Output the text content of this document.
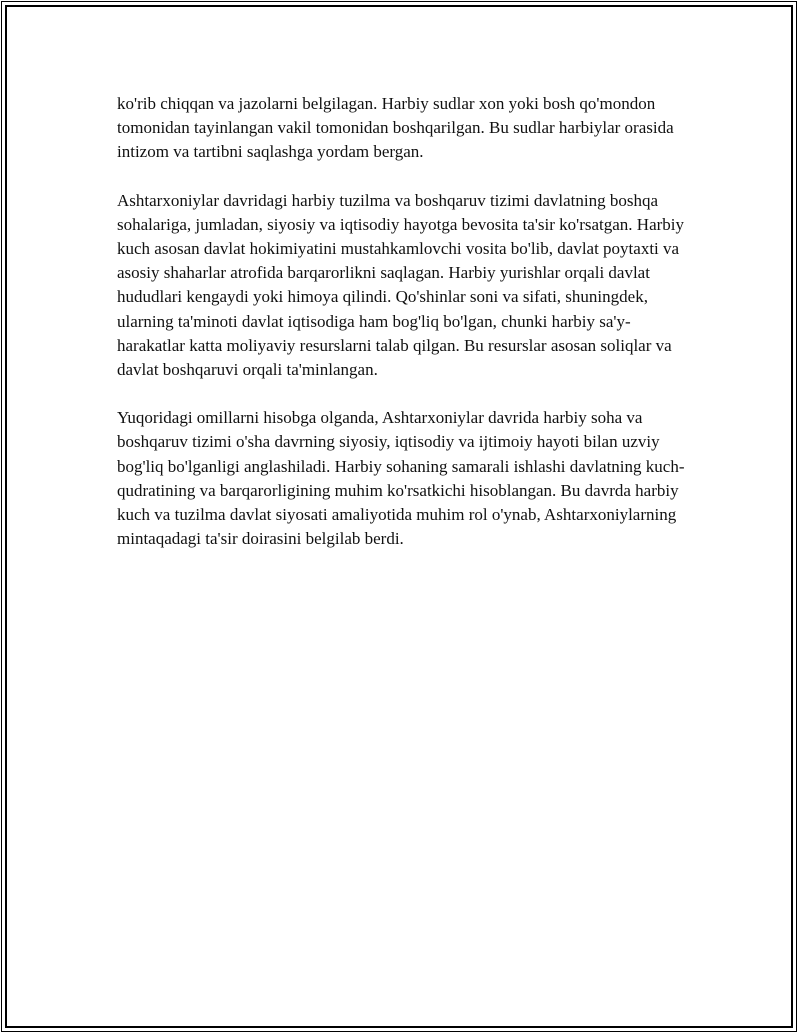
ko'rib chiqqan va jazolarni belgilagan. Harbiy sudlar xon yoki bosh qo'mondon tomonidan tayinlangan vakil tomonidan boshqarilgan. Bu sudlar harbiylar orasida intizom va tartibni saqlashga yordam bergan.

Ashtarxoniylar davridagi harbiy tuzilma va boshqaruv tizimi davlatning boshqa sohalariga, jumladan, siyosiy va iqtisodiy hayotga bevosita ta'sir ko'rsatgan. Harbiy kuch asosan davlat hokimiyatini mustahkamlovchi vosita bo'lib, davlat poytaxti va asosiy shaharlar atrofida barqarorlikni saqlagan. Harbiy yurishlar orqali davlat hududlari kengaydi yoki himoya qilindi. Qo'shinlar soni va sifati, shuningdek, ularning ta'minoti davlat iqtisodiga ham bog'liq bo'lgan, chunki harbiy sa'y-harakatlar katta moliyaviy resurslarni talab qilgan. Bu resurslar asosan soliqlar va davlat boshqaruvi orqali ta'minlangan.

Yuqoridagi omillarni hisobga olganda, Ashtarxoniylar davrida harbiy soha va boshqaruv tizimi o'sha davrning siyosiy, iqtisodiy va ijtimoiy hayoti bilan uzviy bog'liq bo'lganligi anglashiladi. Harbiy sohaning samarali ishlashi davlatning kuch-qudratining va barqarorligining muhim ko'rsatkichi hisoblangan. Bu davrda harbiy kuch va tuzilma davlat siyosati amaliyotida muhim rol o'ynab, Ashtarxoniylarning mintaqadagi ta'sir doirasini belgilab berdi.
